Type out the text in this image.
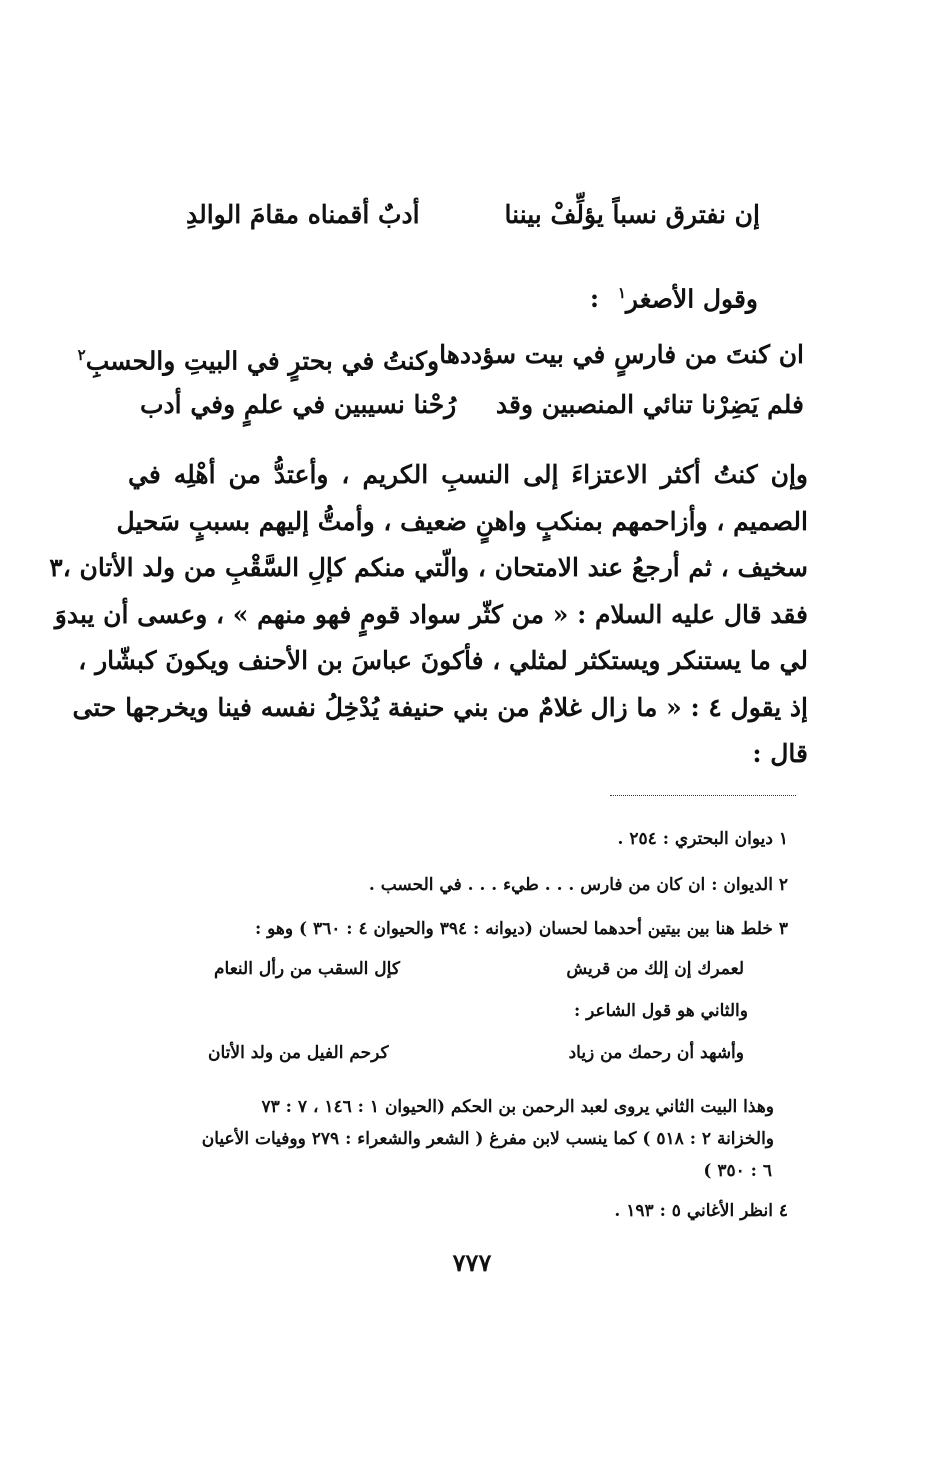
إن نفترق نسباً يؤلِّفْ بيننا
أدبٌ أقمناه مقامَ الوالدِ
وقول الأصغر$^١$ :
ان كنتَ من فارسٍ في بيت سؤددها
وكنتُ في بحترٍ في البيتِ والحسبِ$^٢$
فلم يَضِرْنا تنائي المنصبين وقد
رُحْنا نسيبين في علمٍ وفي أدب
وإن كنتُ أكثر الاعتزاءَ إلى النسبِ الكريم ، وأعتدُّ من أهْلِه في
الصميم ، وأزاحمهم بمنكبٍ واهنٍ ضعيف ، وأمتُّ إليهم بسببٍ سَحيل
سخيف ، ثم أرجعُ عند الامتحان ، والّتي منكم كإلِ السَّقْبِ من ولد الأتان ،٣
فقد قال عليه السلام : « من كثّر سواد قومٍ فهو منهم » ، وعسى أن يبدوَ
لي ما يستنكر ويستكثر لمثلي ، فأكونَ عباسَ بن الأحنف ويكونَ كبشّار ،
إذ يقول ٤ : « ما زال غلامٌ من بني حنيفة يُدْخِلُ نفسه فينا ويخرجها حتى
قال :
١ ديوان البحتري : ٢٥٤ .
٢ الديوان : ان كان من فارس . . . طيء . . . في الحسب .
٣ خلط هنا بين بيتين أحدهما لحسان (ديوانه : ٣٩٤ والحيوان ٤ : ٣٦٠ ) وهو :
لعمرك إن إلك من قريش
كإل السقب من رأل النعام
والثاني هو قول الشاعر :
وأشهد أن رحمك من زياد
كرحم الفيل من ولد الأتان
وهذا البيت الثاني يروى لعبد الرحمن بن الحكم (الحيوان ١ : ١٤٦ ، ٧ : ٧٣
والخزانة ٢ : ٥١٨ ) كما ينسب لابن مفرغ ( الشعر والشعراء : ٢٧٩ ووفيات الأعيان
٦ : ٣٥٠ )
٤ انظر الأغاني ٥ : ١٩٣ .
٧٧٧
